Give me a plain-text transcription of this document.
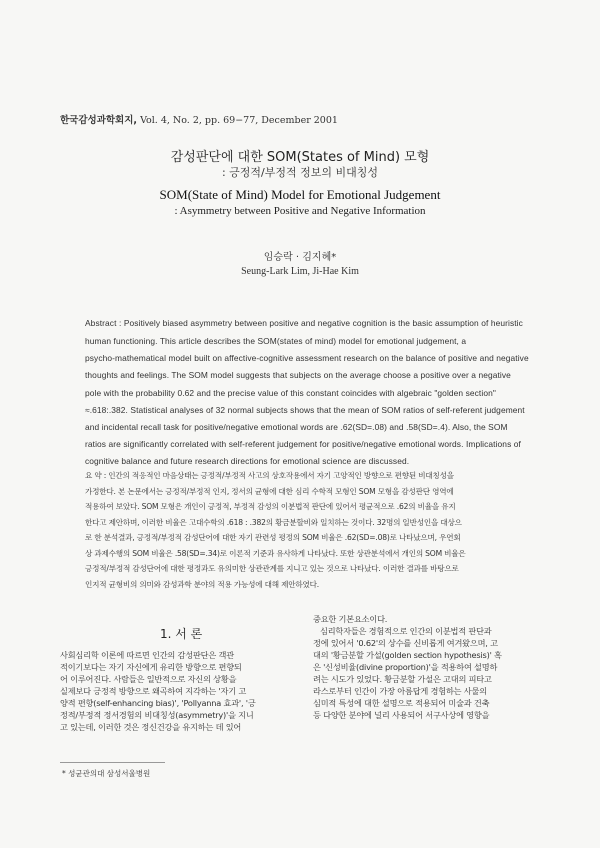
한국감성과학회지, Vol. 4, No. 2, pp. 69−77, December 2001
감성판단에 대한 SOM(States of Mind) 모형
: 긍정적/부정적 정보의 비대칭성
SOM(State of Mind) Model for Emotional Judgement
: Asymmetry between Positive and Negative Information
임승락 · 김지혜*
Seung-Lark Lim, Ji-Hae Kim
Abstract : Positively biased asymmetry between positive and negative cognition is the basic assumption of heuristic
human functioning. This article describes the SOM(states of mind) model for emotional judgement, a
psycho-mathematical model built on affective-cognitive assessment research on the balance of positive and negative
thoughts and feelings. The SOM model suggests that subjects on the average choose a positive over a negative
pole with the probability 0.62 and the precise value of this constant coincides with algebraic "golden section"
≈.618:.382. Statistical analyses of 32 normal subjects shows that the mean of SOM ratios of self-referent judgement
and incidental recall task for positive/negative emotional words are .62(SD=.08) and .58(SD=.4). Also, the SOM
ratios are significantly correlated with self-referent judgement for positive/negative emotional words. Implications of
cognitive balance and future research directions for emotional science are discussed.
요 약 : 인간의 적응적인 마음상태는 긍정적/부정적 사고의 상호작용에서 자기 고양적인 방향으로 편향된 비대칭성을
가정한다. 본 논문에서는 긍정적/부정적 인지, 정서의 균형에 대한 심리 수학적 모형인 SOM 모형을 감성판단 영역에
적용하여 보았다. SOM 모형은 개인이 긍정적, 부정적 감성의 이분법적 판단에 있어서 평균적으로 .62의 비율을 유지
한다고 제안하며, 이러한 비율은 고대수학의 .618 : .382의 황금분할비와 일치하는 것이다. 32명의 일반성인을 대상으
로 한 분석결과, 긍정적/부정적 감성단어에 대한 자기 관련성 평정의 SOM 비율은 .62(SD=.08)로 나타났으며, 우연회
상 과제수행의 SOM 비율은 .58(SD=.34)로 이론적 기준과 유사하게 나타났다. 또한 상관분석에서 개인의 SOM 비율은
긍정적/부정적 감성단어에 대한 평정과도 유의미한 상관관계를 지니고 있는 것으로 나타났다. 이러한 결과를 바탕으로
인지적 균형비의 의미와 감성과학 분야의 적용 가능성에 대해 제안하였다.
1. 서 론
사회심리학 이론에 따르면 인간의 감성판단은 객관
적이기보다는 자기 자신에게 유리한 방향으로 편향되
어 이루어진다. 사람들은 일반적으로 자신의 상황을
실제보다 긍정적 방향으로 왜곡하여 지각하는 '자기 고
양적 편향(self-enhancing bias)', 'Pollyanna 효과', '긍
정적/부정적 정서경험의 비대칭성(asymmetry)'을 지니
고 있는데, 이러한 것은 정신건강을 유지하는 데 있어
중요한 기본요소이다.
심리학자들은 경험적으로 인간의 이분법적 판단과
정에 있어서 '0.62'의 상수를 신비롭게 여겨왔으며, 고
대의 '황금분할 가설(golden section hypothesis)' 혹
은 '신성비율(divine proportion)'을 적용하여 설명하
려는 시도가 있었다. 황금분할 가설은 고대의 피타고
라스로부터 인간이 가장 아름답게 경험하는 사물의
심미적 특성에 대한 설명으로 적용되어 미술과 건축
등 다양한 분야에 널리 사용되어 서구사상에 영향을
* 성균관의대 삼성서울병원
